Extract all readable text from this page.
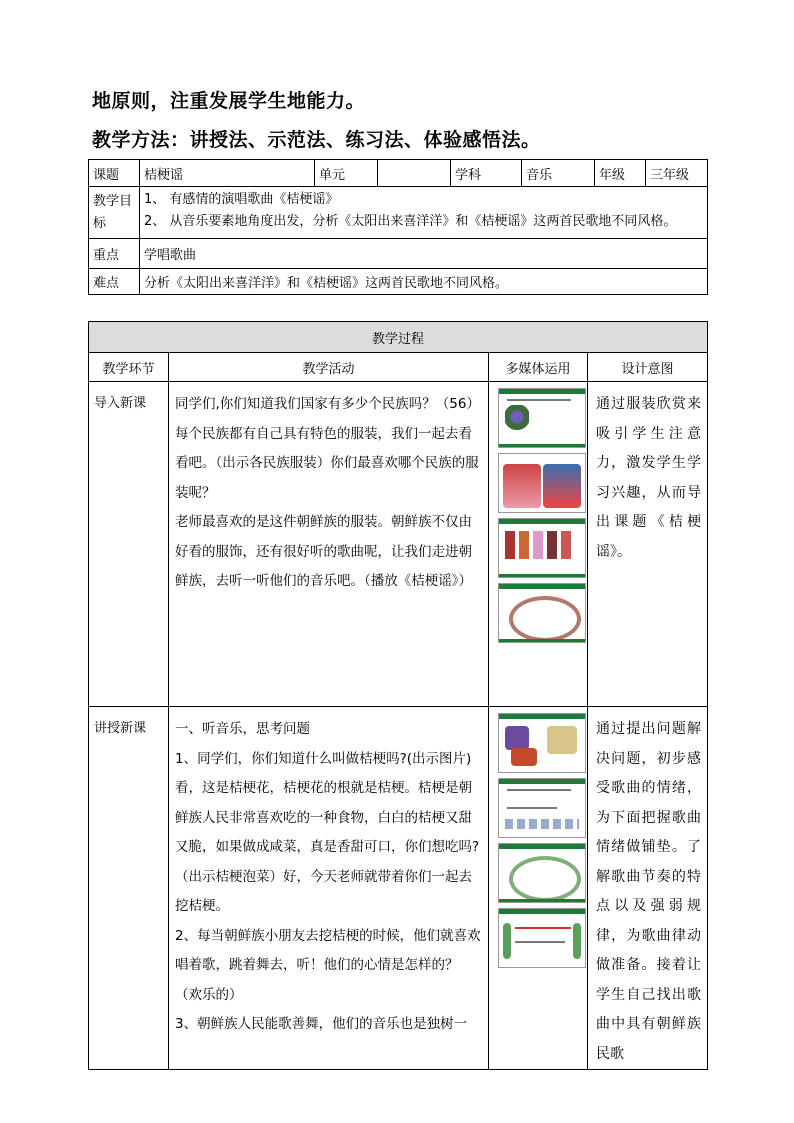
地原则，注重发展学生地能力。
教学方法：讲授法、示范法、练习法、体验感悟法。
课题	桔梗谣	单元		学科	音乐	年级	三年级
教学目标	1、 有感情的演唱歌曲《桔梗谣》
2、 从音乐要素地角度出发，分析《太阳出来喜洋洋》和《桔梗谣》这两首民歌地不同风格。						

重点	学唱歌曲						
难点	分析《太阳出来喜洋洋》和《桔梗谣》这两首民歌地不同风格。						
教学过程			
教学环节	教学活动	多媒体运用	设计意图
导入新课	同学们,你们知道我们国家有多少个民族吗？（56）每个民族都有自己具有特色的服装，我们一起去看看吧。（出示各民族服装）你们最喜欢哪个民族的服装呢？
老师最喜欢的是这件朝鲜族的服装。朝鲜族不仅由好看的服饰，还有很好听的歌曲呢，让我们走进朝鲜族，去听一听他们的音乐吧。（播放《桔梗谣》）		通过服装欣赏来吸引学生注意力，激发学生学习兴趣，从而导出课题《桔梗谣》。
讲授新课	一、听音乐，思考问题
1、同学们，你们知道什么叫做桔梗吗?(出示图片)看，这是桔梗花，桔梗花的根就是桔梗。桔梗是朝鲜族人民非常喜欢吃的一种食物，白白的桔梗又甜又脆，如果做成咸菜，真是香甜可口，你们想吃吗?（出示桔梗泡菜）好，今天老师就带着你们一起去挖桔梗。
2、每当朝鲜族小朋友去挖桔梗的时候，他们就喜欢唱着歌，跳着舞去，听！他们的心情是怎样的？（欢乐的）
3、朝鲜族人民能歌善舞，他们的音乐也是独树一		通过提出问题解决问题，初步感受歌曲的情绪，为下面把握歌曲情绪做铺垫。了解歌曲节奏的特点以及强弱规律，为歌曲律动做准备。接着让学生自己找出歌曲中具有朝鲜族民歌
